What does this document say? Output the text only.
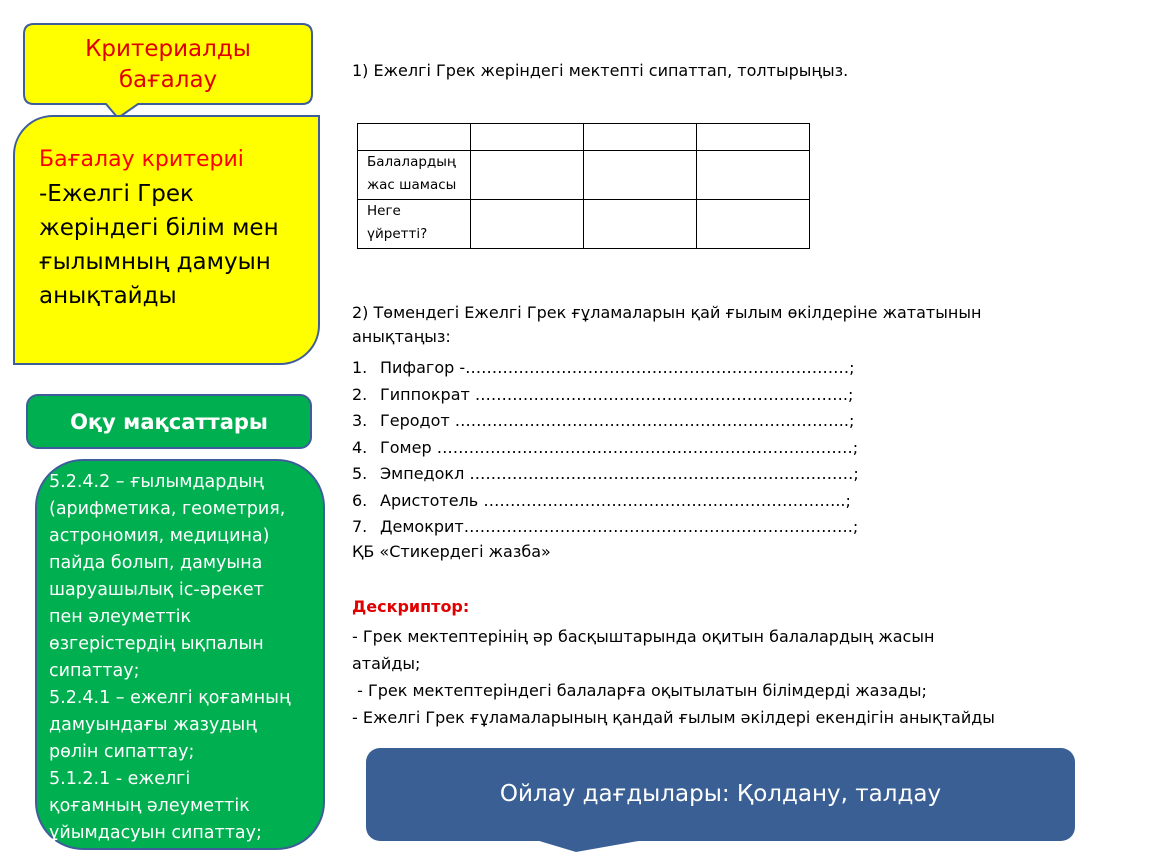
Критериалды
бағалау
Бағалау критериі
-Ежелгі Грек жеріндегі білім мен ғылымның дамуын анықтайды
Оқу мақсаттары
5.2.4.2 – ғылымдардың
(арифметика, геометрия,
астрономия, медицина)
пайда болып, дамуына
шаруашылық іс-әрекет
пен әлеуметтік
өзгерістердің ықпалын
сипаттау;
5.2.4.1 – ежелгі қоғамның
дамуындағы жазудың
рөлін сипаттау;
5.1.2.1 - ежелгі
қоғамның әлеуметтік
ұйымдасуын сипаттау;
1) Ежелгі Грек жеріндегі мектепті сипаттап, толтырыңыз.

Балалардың жас шамасы			
Неге үйретті?			
2) Төмендегі Ежелгі Грек ғұламаларын қай ғылым өкілдеріне жататынын анықтаңыз:
1. Пифагор -………………………………………………………………;
2. Гиппократ …………………………………………………………….;
3. Геродот ………………………………………………………………..;
4. Гомер ……………………………………………………………………;
5. Эмпедокл ………………………………………………………………;
6. Аристотель …………………………………………………………..;
7. Демокрит……………………………………………………………….;
ҚБ «Стикердегі жазба»
Дескриптор:
- Грек мектептерінің әр басқыштарында оқитын балалардың жасын
атайды;
- Грек мектептеріндегі балаларға оқытылатын білімдерді жазады;
- Ежелгі Грек ғұламаларының қандай ғылым әкілдері екендігін анықтайды
Ойлау дағдылары: Қолдану, талдау
